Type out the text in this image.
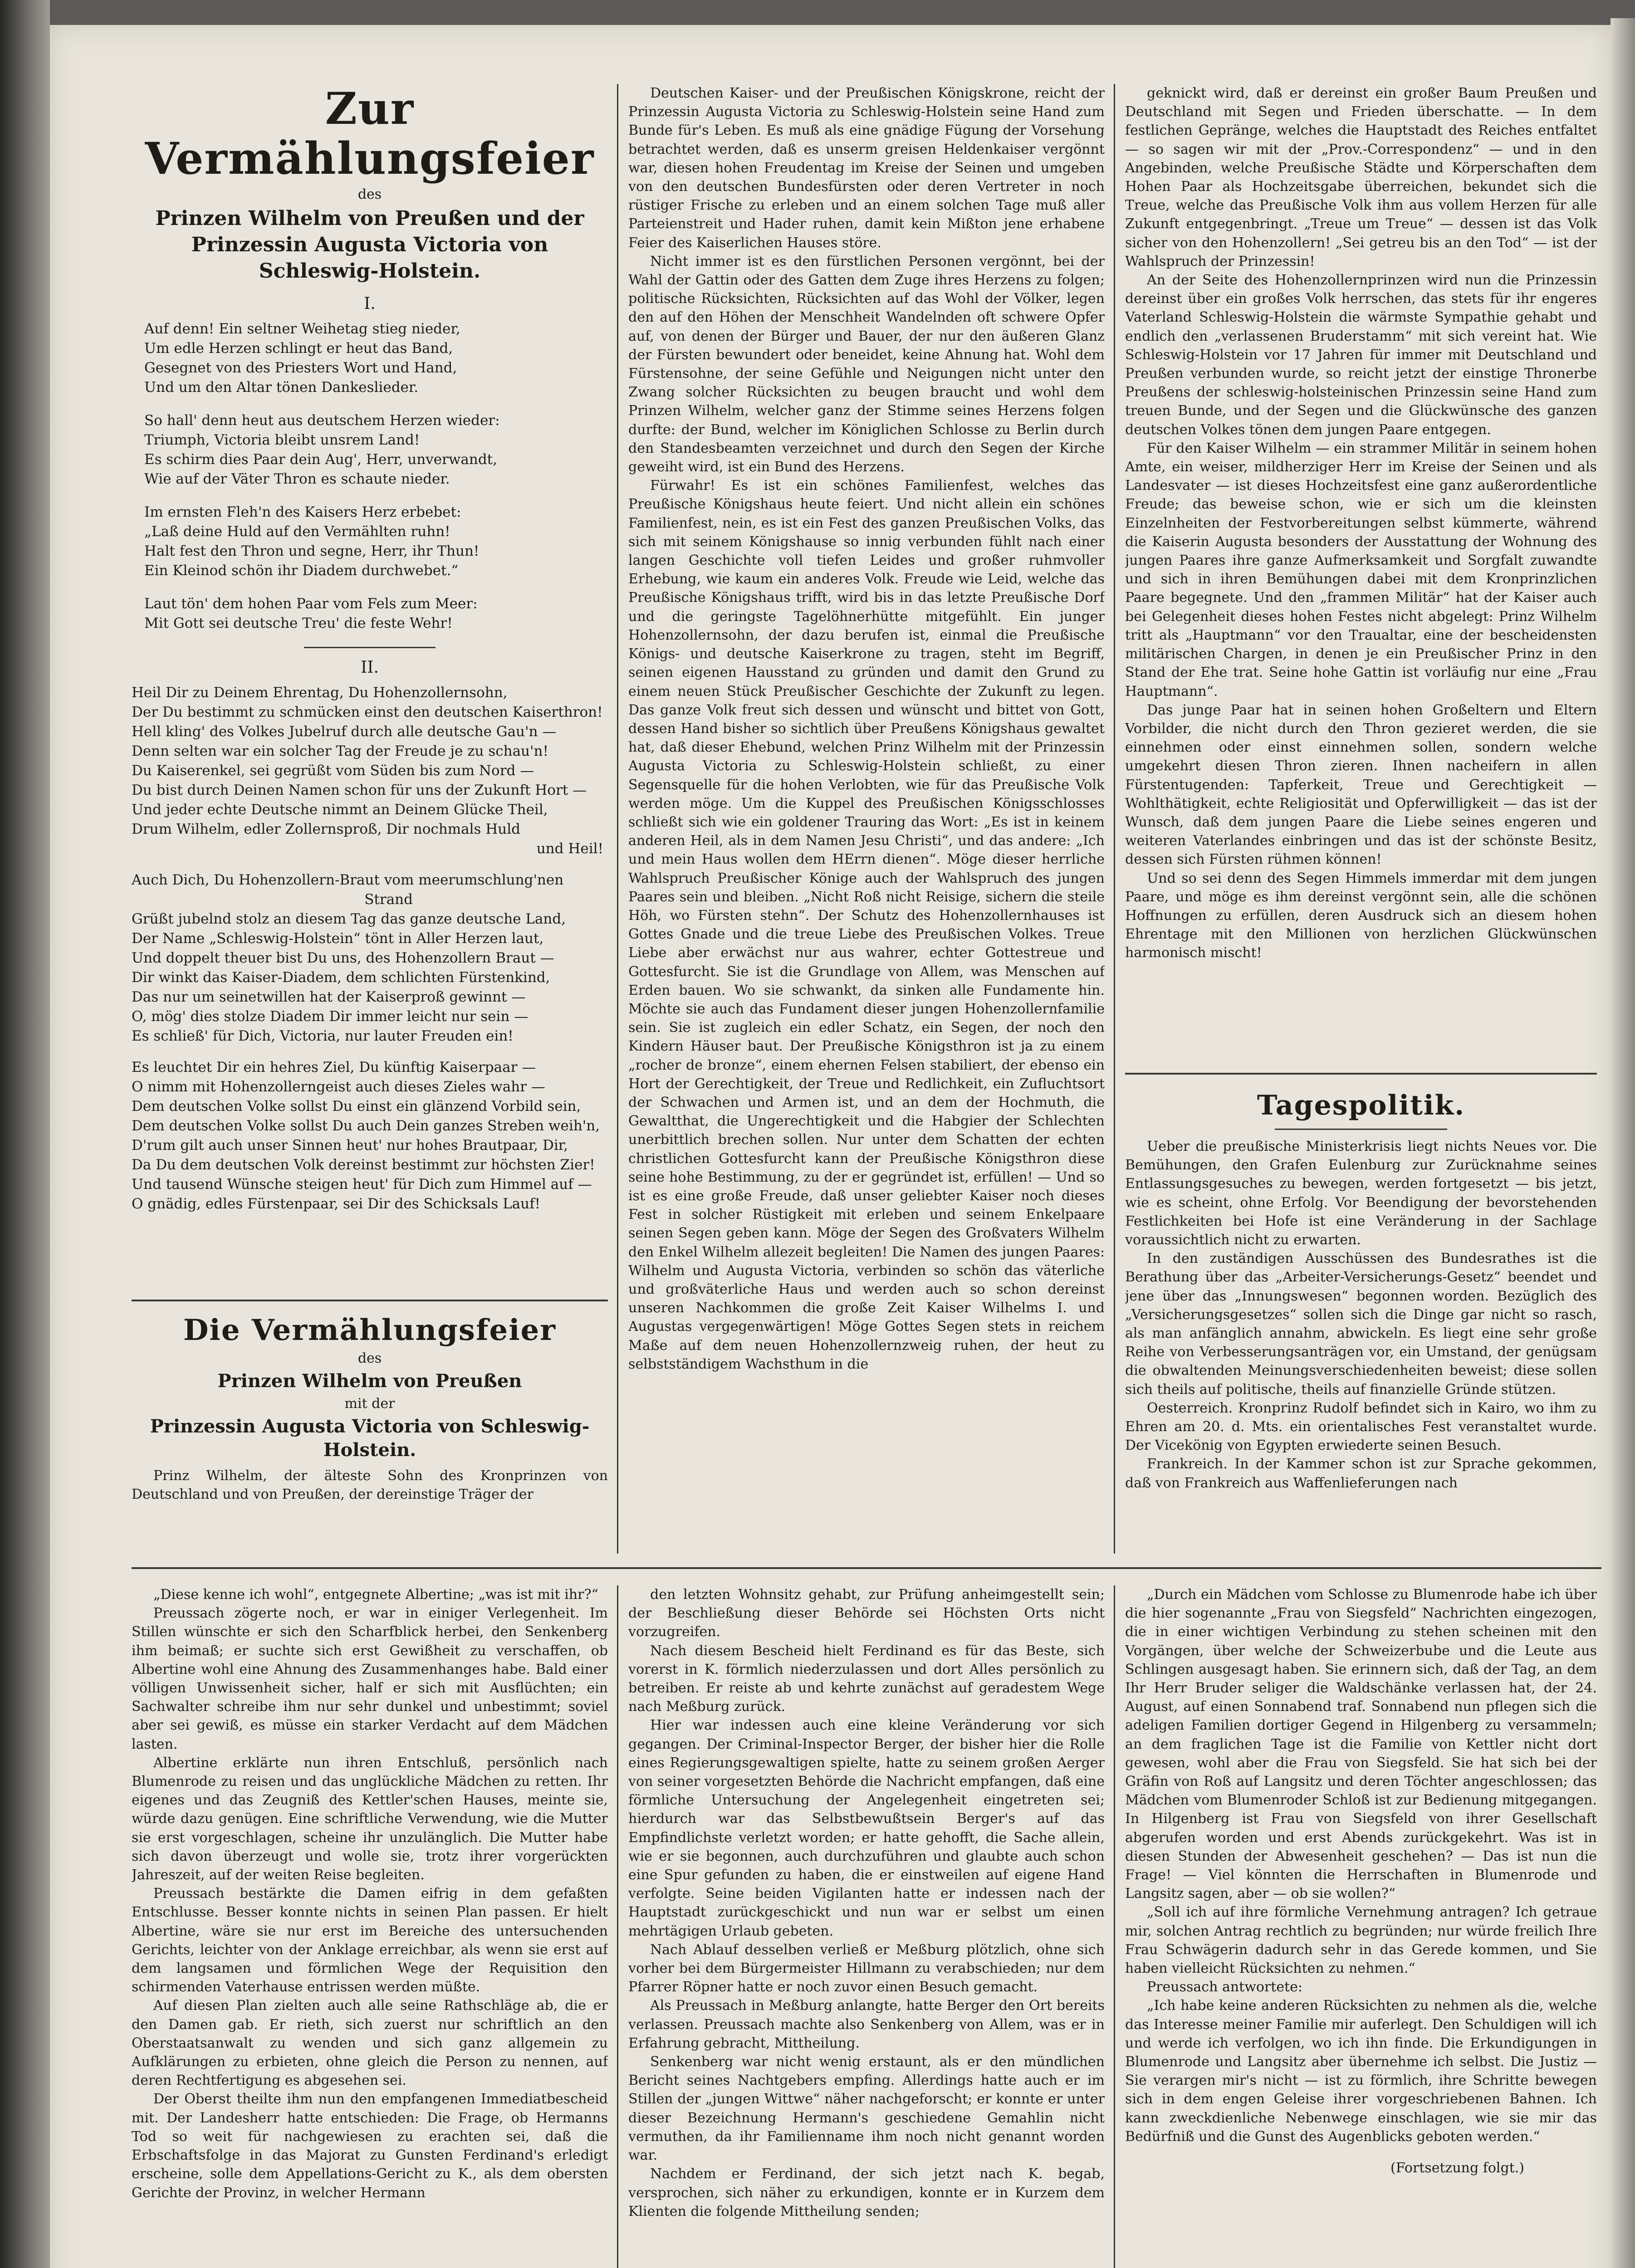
Zur Vermählungsfeier
des
Prinzen Wilhelm von Preußen und der Prinzessin Augusta Victoria von Schleswig-Holstein.
I.
Auf denn! Ein seltner Weihetag stieg nieder,
Um edle Herzen schlingt er heut das Band,
Gesegnet von des Priesters Wort und Hand,
Und um den Altar tönen Dankeslieder.
So hall' denn heut aus deutschem Herzen wieder:
Triumph, Victoria bleibt unsrem Land!
Es schirm dies Paar dein Aug', Herr, unverwandt,
Wie auf der Väter Thron es schaute nieder.
Im ernsten Fleh'n des Kaisers Herz erbebet:
„Laß deine Huld auf den Vermählten ruhn!
Halt fest den Thron und segne, Herr, ihr Thun!
Ein Kleinod schön ihr Diadem durchwebet.“
Laut tön' dem hohen Paar vom Fels zum Meer:
Mit Gott sei deutsche Treu' die feste Wehr!
II.
Heil Dir zu Deinem Ehrentag, Du Hohenzollernsohn,
Der Du bestimmt zu schmücken einst den deutschen Kaiserthron!
Hell kling' des Volkes Jubelruf durch alle deutsche Gau'n —
Denn selten war ein solcher Tag der Freude je zu schau'n!
Du Kaiserenkel, sei gegrüßt vom Süden bis zum Nord —
Du bist durch Deinen Namen schon für uns der Zukunft Hort —
Und jeder echte Deutsche nimmt an Deinem Glücke Theil,
Drum Wilhelm, edler Zollernsproß, Dir nochmals Huld
und Heil!
Auch Dich, Du Hohenzollern-Braut vom meerumschlung'nen
Strand
Grüßt jubelnd stolz an diesem Tag das ganze deutsche Land,
Der Name „Schleswig-Holstein“ tönt in Aller Herzen laut,
Und doppelt theuer bist Du uns, des Hohenzollern Braut —
Dir winkt das Kaiser-Diadem, dem schlichten Fürstenkind,
Das nur um seinetwillen hat der Kaiserproß gewinnt —
O, mög' dies stolze Diadem Dir immer leicht nur sein —
Es schließ' für Dich, Victoria, nur lauter Freuden ein!
Es leuchtet Dir ein hehres Ziel, Du künftig Kaiserpaar —
O nimm mit Hohenzollerngeist auch dieses Zieles wahr —
Dem deutschen Volke sollst Du einst ein glänzend Vorbild sein,
Dem deutschen Volke sollst Du auch Dein ganzes Streben weih'n,
D'rum gilt auch unser Sinnen heut' nur hohes Brautpaar, Dir,
Da Du dem deutschen Volk dereinst bestimmt zur höchsten Zier!
Und tausend Wünsche steigen heut' für Dich zum Himmel auf —
O gnädig, edles Fürstenpaar, sei Dir des Schicksals Lauf!
Die Vermählungsfeier
des
Prinzen Wilhelm von Preußen
mit der
Prinzessin Augusta Victoria von Schleswig-Holstein.

Prinz Wilhelm, der älteste Sohn des Kronprinzen von Deutschland und von Preußen, der dereinstige Träger der

Deutschen Kaiser- und der Preußischen Königskrone, reicht der Prinzessin Augusta Victoria zu Schleswig-Holstein seine Hand zum Bunde für's Leben. Es muß als eine gnädige Fügung der Vorsehung betrachtet werden, daß es unserm greisen Heldenkaiser vergönnt war, diesen hohen Freudentag im Kreise der Seinen und umgeben von den deutschen Bundesfürsten oder deren Vertreter in noch rüstiger Frische zu erleben und an einem solchen Tage muß aller Parteienstreit und Hader ruhen, damit kein Mißton jene erhabene Feier des Kaiserlichen Hauses störe.

Nicht immer ist es den fürstlichen Personen vergönnt, bei der Wahl der Gattin oder des Gatten dem Zuge ihres Herzens zu folgen; politische Rücksichten, Rücksichten auf das Wohl der Völker, legen den auf den Höhen der Menschheit Wandelnden oft schwere Opfer auf, von denen der Bürger und Bauer, der nur den äußeren Glanz der Fürsten bewundert oder beneidet, keine Ahnung hat. Wohl dem Fürstensohne, der seine Gefühle und Neigungen nicht unter den Zwang solcher Rücksichten zu beugen braucht und wohl dem Prinzen Wilhelm, welcher ganz der Stimme seines Herzens folgen durfte: der Bund, welcher im Königlichen Schlosse zu Berlin durch den Standesbeamten verzeichnet und durch den Segen der Kirche geweiht wird, ist ein Bund des Herzens.

Fürwahr! Es ist ein schönes Familienfest, welches das Preußische Königshaus heute feiert. Und nicht allein ein schönes Familienfest, nein, es ist ein Fest des ganzen Preußischen Volks, das sich mit seinem Königshause so innig verbunden fühlt nach einer langen Geschichte voll tiefen Leides und großer ruhmvoller Erhebung, wie kaum ein anderes Volk. Freude wie Leid, welche das Preußische Königshaus trifft, wird bis in das letzte Preußische Dorf und die geringste Tagelöhnerhütte mitgefühlt. Ein junger Hohenzollernsohn, der dazu berufen ist, einmal die Preußische Königs- und deutsche Kaiserkrone zu tragen, steht im Begriff, seinen eigenen Hausstand zu gründen und damit den Grund zu einem neuen Stück Preußischer Geschichte der Zukunft zu legen. Das ganze Volk freut sich dessen und wünscht und bittet von Gott, dessen Hand bisher so sichtlich über Preußens Königshaus gewaltet hat, daß dieser Ehebund, welchen Prinz Wilhelm mit der Prinzessin Augusta Victoria zu Schleswig-Holstein schließt, zu einer Segensquelle für die hohen Verlobten, wie für das Preußische Volk werden möge. Um die Kuppel des Preußischen Königsschlosses schließt sich wie ein goldener Trauring das Wort: „Es ist in keinem anderen Heil, als in dem Namen Jesu Christi“, und das andere: „Ich und mein Haus wollen dem HErrn dienen“. Möge dieser herrliche Wahlspruch Preußischer Könige auch der Wahlspruch des jungen Paares sein und bleiben. „Nicht Roß nicht Reisige, sichern die steile Höh, wo Fürsten stehn“. Der Schutz des Hohenzollernhauses ist Gottes Gnade und die treue Liebe des Preußischen Volkes. Treue Liebe aber erwächst nur aus wahrer, echter Gottestreue und Gottesfurcht. Sie ist die Grundlage von Allem, was Menschen auf Erden bauen. Wo sie schwankt, da sinken alle Fundamente hin. Möchte sie auch das Fundament dieser jungen Hohenzollernfamilie sein. Sie ist zugleich ein edler Schatz, ein Segen, der noch den Kindern Häuser baut. Der Preußische Königsthron ist ja zu einem „rocher de bronze“, einem ehernen Felsen stabiliert, der ebenso ein Hort der Gerechtigkeit, der Treue und Redlichkeit, ein Zufluchtsort der Schwachen und Armen ist, und an dem der Hochmuth, die Gewaltthat, die Ungerechtigkeit und die Habgier der Schlechten unerbittlich brechen sollen. Nur unter dem Schatten der echten christlichen Gottesfurcht kann der Preußische Königsthron diese seine hohe Bestimmung, zu der er gegründet ist, erfüllen! — Und so ist es eine große Freude, daß unser geliebter Kaiser noch dieses Fest in solcher Rüstigkeit mit erleben und seinem Enkelpaare seinen Segen geben kann. Möge der Segen des Großvaters Wilhelm den Enkel Wilhelm allezeit begleiten! Die Namen des jungen Paares: Wilhelm und Augusta Victoria, verbinden so schön das väterliche und großväterliche Haus und werden auch so schon dereinst unseren Nachkommen die große Zeit Kaiser Wilhelms I. und Augustas vergegenwärtigen! Möge Gottes Segen stets in reichem Maße auf dem neuen Hohenzollernzweig ruhen, der heut zu selbstständigem Wachsthum in die

geknickt wird, daß er dereinst ein großer Baum Preußen und Deutschland mit Segen und Frieden überschatte. — In dem festlichen Gepränge, welches die Hauptstadt des Reiches entfaltet — so sagen wir mit der „Prov.-Correspondenz“ — und in den Angebinden, welche Preußische Städte und Körperschaften dem Hohen Paar als Hochzeitsgabe überreichen, bekundet sich die Treue, welche das Preußische Volk ihm aus vollem Herzen für alle Zukunft entgegenbringt. „Treue um Treue“ — dessen ist das Volk sicher von den Hohenzollern! „Sei getreu bis an den Tod“ — ist der Wahlspruch der Prinzessin!

An der Seite des Hohenzollernprinzen wird nun die Prinzessin dereinst über ein großes Volk herrschen, das stets für ihr engeres Vaterland Schleswig-Holstein die wärmste Sympathie gehabt und endlich den „verlassenen Bruderstamm“ mit sich vereint hat. Wie Schleswig-Holstein vor 17 Jahren für immer mit Deutschland und Preußen verbunden wurde, so reicht jetzt der einstige Thronerbe Preußens der schleswig-holsteinischen Prinzessin seine Hand zum treuen Bunde, und der Segen und die Glückwünsche des ganzen deutschen Volkes tönen dem jungen Paare entgegen.

Für den Kaiser Wilhelm — ein strammer Militär in seinem hohen Amte, ein weiser, mildherziger Herr im Kreise der Seinen und als Landesvater — ist dieses Hochzeitsfest eine ganz außerordentliche Freude; das beweise schon, wie er sich um die kleinsten Einzelnheiten der Festvorbereitungen selbst kümmerte, während die Kaiserin Augusta besonders der Ausstattung der Wohnung des jungen Paares ihre ganze Aufmerksamkeit und Sorgfalt zuwandte und sich in ihren Bemühungen dabei mit dem Kronprinzlichen Paare begegnete. Und den „frammen Militär“ hat der Kaiser auch bei Gelegenheit dieses hohen Festes nicht abgelegt: Prinz Wilhelm tritt als „Hauptmann“ vor den Traualtar, eine der bescheidensten militärischen Chargen, in denen je ein Preußischer Prinz in den Stand der Ehe trat. Seine hohe Gattin ist vorläufig nur eine „Frau Hauptmann“.

Das junge Paar hat in seinen hohen Großeltern und Eltern Vorbilder, die nicht durch den Thron gezieret werden, die sie einnehmen oder einst einnehmen sollen, sondern welche umgekehrt diesen Thron zieren. Ihnen nacheifern in allen Fürstentugenden: Tapferkeit, Treue und Gerechtigkeit — Wohlthätigkeit, echte Religiosität und Opferwilligkeit — das ist der Wunsch, daß dem jungen Paare die Liebe seines engeren und weiteren Vaterlandes einbringen und das ist der schönste Besitz, dessen sich Fürsten rühmen können!

Und so sei denn des Segen Himmels immerdar mit dem jungen Paare, und möge es ihm dereinst vergönnt sein, alle die schönen Hoffnungen zu erfüllen, deren Ausdruck sich an diesem hohen Ehrentage mit den Millionen von herzlichen Glückwünschen harmonisch mischt!

Tagespolitik.

Ueber die preußische Ministerkrisis liegt nichts Neues vor. Die Bemühungen, den Grafen Eulenburg zur Zurücknahme seines Entlassungsgesuches zu bewegen, werden fortgesetzt — bis jetzt, wie es scheint, ohne Erfolg. Vor Beendigung der bevorstehenden Festlichkeiten bei Hofe ist eine Veränderung in der Sachlage voraussichtlich nicht zu erwarten.

In den zuständigen Ausschüssen des Bundesrathes ist die Berathung über das „Arbeiter-Versicherungs-Gesetz“ beendet und jene über das „Innungswesen“ begonnen worden. Bezüglich des „Versicherungsgesetzes“ sollen sich die Dinge gar nicht so rasch, als man anfänglich annahm, abwickeln. Es liegt eine sehr große Reihe von Verbesserungsanträgen vor, ein Umstand, der genügsam die obwaltenden Meinungsverschiedenheiten beweist; diese sollen sich theils auf politische, theils auf finanzielle Gründe stützen.

Oesterreich. Kronprinz Rudolf befindet sich in Kairo, wo ihm zu Ehren am 20. d. Mts. ein orientalisches Fest veranstaltet wurde. Der Vicekönig von Egypten erwiederte seinen Besuch.

Frankreich. In der Kammer schon ist zur Sprache gekommen, daß von Frankreich aus Waffenlieferungen nach

„Diese kenne ich wohl“, entgegnete Albertine; „was ist mit ihr?“

Preussach zögerte noch, er war in einiger Verlegenheit. Im Stillen wünschte er sich den Scharfblick herbei, den Senkenberg ihm beimaß; er suchte sich erst Gewißheit zu verschaffen, ob Albertine wohl eine Ahnung des Zusammenhanges habe. Bald einer völligen Unwissenheit sicher, half er sich mit Ausflüchten; ein Sachwalter schreibe ihm nur sehr dunkel und unbestimmt; soviel aber sei gewiß, es müsse ein starker Verdacht auf dem Mädchen lasten.

Albertine erklärte nun ihren Entschluß, persönlich nach Blumenrode zu reisen und das unglückliche Mädchen zu retten. Ihr eigenes und das Zeugniß des Kettler'schen Hauses, meinte sie, würde dazu genügen. Eine schriftliche Verwendung, wie die Mutter sie erst vorgeschlagen, scheine ihr unzulänglich. Die Mutter habe sich davon überzeugt und wolle sie, trotz ihrer vorgerückten Jahreszeit, auf der weiten Reise begleiten.

Preussach bestärkte die Damen eifrig in dem gefaßten Entschlusse. Besser konnte nichts in seinen Plan passen. Er hielt Albertine, wäre sie nur erst im Bereiche des untersuchenden Gerichts, leichter von der Anklage erreichbar, als wenn sie erst auf dem langsamen und förmlichen Wege der Requisition den schirmenden Vaterhause entrissen werden müßte.

Auf diesen Plan zielten auch alle seine Rathschläge ab, die er den Damen gab. Er rieth, sich zuerst nur schriftlich an den Oberstaatsanwalt zu wenden und sich ganz allgemein zu Aufklärungen zu erbieten, ohne gleich die Person zu nennen, auf deren Rechtfertigung es abgesehen sei.

Der Oberst theilte ihm nun den empfangenen Immediatbescheid mit. Der Landesherr hatte entschieden: Die Frage, ob Hermanns Tod so weit für nachgewiesen zu erachten sei, daß die Erbschaftsfolge in das Majorat zu Gunsten Ferdinand's erledigt erscheine, solle dem Appellations-Gericht zu K., als dem obersten Gerichte der Provinz, in welcher Hermann

den letzten Wohnsitz gehabt, zur Prüfung anheimgestellt sein; der Beschließung dieser Behörde sei Höchsten Orts nicht vorzugreifen.

Nach diesem Bescheid hielt Ferdinand es für das Beste, sich vorerst in K. förmlich niederzulassen und dort Alles persönlich zu betreiben. Er reiste ab und kehrte zunächst auf geradestem Wege nach Meßburg zurück.

Hier war indessen auch eine kleine Veränderung vor sich gegangen. Der Criminal-Inspector Berger, der bisher hier die Rolle eines Regierungsgewaltigen spielte, hatte zu seinem großen Aerger von seiner vorgesetzten Behörde die Nachricht empfangen, daß eine förmliche Untersuchung der Angelegenheit eingetreten sei; hierdurch war das Selbstbewußtsein Berger's auf das Empfindlichste verletzt worden; er hatte gehofft, die Sache allein, wie er sie begonnen, auch durchzuführen und glaubte auch schon eine Spur gefunden zu haben, die er einstweilen auf eigene Hand verfolgte. Seine beiden Vigilanten hatte er indessen nach der Hauptstadt zurückgeschickt und nun war er selbst um einen mehrtägigen Urlaub gebeten.

Nach Ablauf desselben verließ er Meßburg plötzlich, ohne sich vorher bei dem Bürgermeister Hillmann zu verabschieden; nur dem Pfarrer Röpner hatte er noch zuvor einen Besuch gemacht.

Als Preussach in Meßburg anlangte, hatte Berger den Ort bereits verlassen. Preussach machte also Senkenberg von Allem, was er in Erfahrung gebracht, Mittheilung.

Senkenberg war nicht wenig erstaunt, als er den mündlichen Bericht seines Nachtgebers empfing. Allerdings hatte auch er im Stillen der „jungen Wittwe“ näher nachgeforscht; er konnte er unter dieser Bezeichnung Hermann's geschiedene Gemahlin nicht vermuthen, da ihr Familienname ihm noch nicht genannt worden war.

Nachdem er Ferdinand, der sich jetzt nach K. begab, versprochen, sich näher zu erkundigen, konnte er in Kurzem dem Klienten die folgende Mittheilung senden;

„Durch ein Mädchen vom Schlosse zu Blumenrode habe ich über die hier sogenannte „Frau von Siegsfeld“ Nachrichten eingezogen, die in einer wichtigen Verbindung zu stehen scheinen mit den Vorgängen, über welche der Schweizerbube und die Leute aus Schlingen ausgesagt haben. Sie erinnern sich, daß der Tag, an dem Ihr Herr Bruder seliger die Waldschänke verlassen hat, der 24. August, auf einen Sonnabend traf. Sonnabend nun pflegen sich die adeligen Familien dortiger Gegend in Hilgenberg zu versammeln; an dem fraglichen Tage ist die Familie von Kettler nicht dort gewesen, wohl aber die Frau von Siegsfeld. Sie hat sich bei der Gräfin von Roß auf Langsitz und deren Töchter angeschlossen; das Mädchen vom Blumenroder Schloß ist zur Bedienung mitgegangen. In Hilgenberg ist Frau von Siegsfeld von ihrer Gesellschaft abgerufen worden und erst Abends zurückgekehrt. Was ist in diesen Stunden der Abwesenheit geschehen? — Das ist nun die Frage! — Viel könnten die Herrschaften in Blumenrode und Langsitz sagen, aber — ob sie wollen?“

„Soll ich auf ihre förmliche Vernehmung antragen? Ich getraue mir, solchen Antrag rechtlich zu begründen; nur würde freilich Ihre Frau Schwägerin dadurch sehr in das Gerede kommen, und Sie haben vielleicht Rücksichten zu nehmen.“

Preussach antwortete:

„Ich habe keine anderen Rücksichten zu nehmen als die, welche das Interesse meiner Familie mir auferlegt. Den Schuldigen will ich und werde ich verfolgen, wo ich ihn finde. Die Erkundigungen in Blumenrode und Langsitz aber übernehme ich selbst. Die Justiz — Sie verargen mir's nicht — ist zu förmlich, ihre Schritte bewegen sich in dem engen Geleise ihrer vorgeschriebenen Bahnen. Ich kann zweckdienliche Nebenwege einschlagen, wie sie mir das Bedürfniß und die Gunst des Augenblicks geboten werden.“

(Fortsetzung folgt.)
